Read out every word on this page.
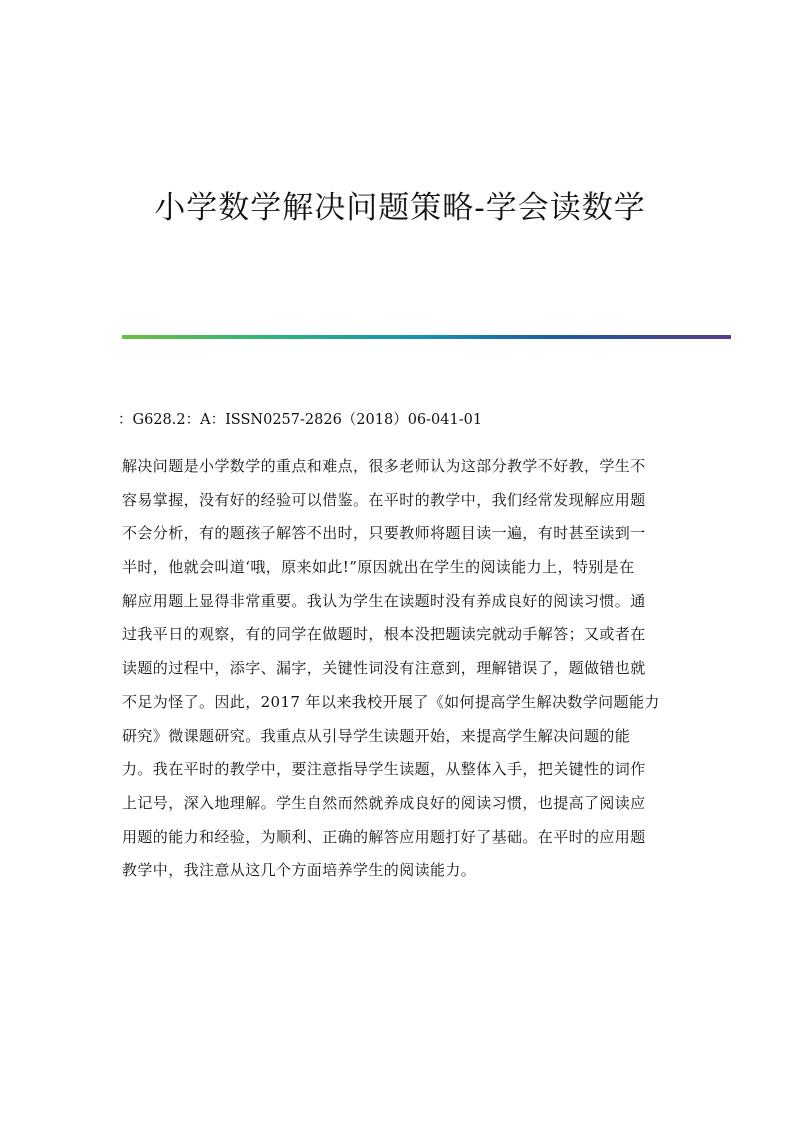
小学数学解决问题策略-学会读数学
：G628.2：A：ISSN0257-2826（2018）06-041-01
解决问题是小学数学的重点和难点，很多老师认为这部分教学不好教，学生不
容易掌握，没有好的经验可以借鉴。在平时的教学中，我们经常发现解应用题
不会分析，有的题孩子解答不出时，只要教师将题目读一遍，有时甚至读到一
半时，他就会叫道‘哦，原来如此!”原因就出在学生的阅读能力上，特别是在
解应用题上显得非常重要。我认为学生在读题时没有养成良好的阅读习惯。通
过我平日的观察，有的同学在做题时，根本没把题读完就动手解答；又或者在
读题的过程中，添字、漏字，关键性词没有注意到，理解错误了，题做错也就
不足为怪了。因此，2017 年以来我校开展了《如何提高学生解决数学问题能力
研究》微课题研究。我重点从引导学生读题开始，来提高学生解决问题的能
力。我在平时的教学中，要注意指导学生读题，从整体入手，把关键性的词作
上记号，深入地理解。学生自然而然就养成良好的阅读习惯，也提高了阅读应
用题的能力和经验，为顺利、正确的解答应用题打好了基础。在平时的应用题
教学中，我注意从这几个方面培养学生的阅读能力。
